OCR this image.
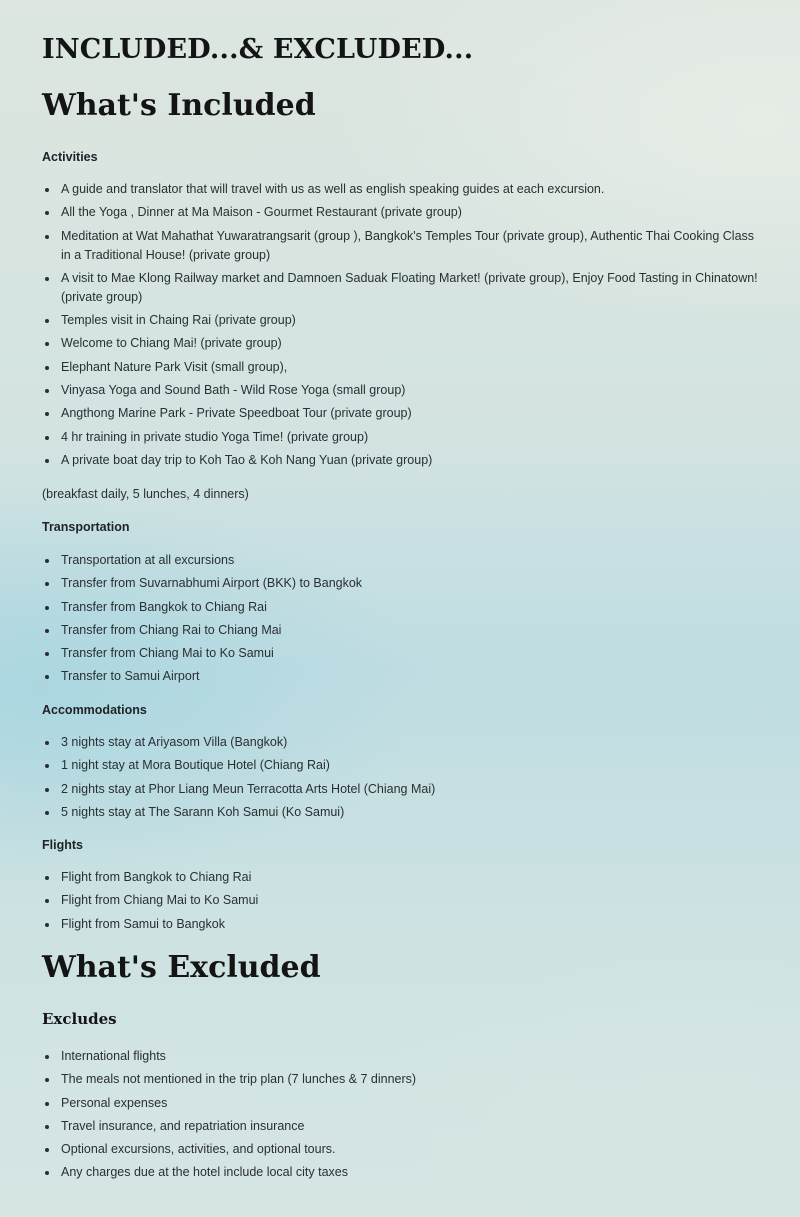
INCLUDED...& EXCLUDED...
What's Included
Activities
A guide and translator that will travel with us as well as english speaking guides at each excursion.
All the Yoga , Dinner at Ma Maison - Gourmet Restaurant (private group)
Meditation at Wat Mahathat Yuwaratrangsarit (group ), Bangkok's Temples Tour (private group), Authentic Thai Cooking Class in a Traditional House! (private group)
A visit to Mae Klong Railway market and Damnoen Saduak Floating Market! (private group), Enjoy Food Tasting in Chinatown! (private group)
Temples visit in Chaing Rai (private group)
Welcome to Chiang Mai! (private group)
Elephant Nature Park Visit (small group),
Vinyasa Yoga and Sound Bath - Wild Rose Yoga (small group)
Angthong Marine Park - Private Speedboat Tour (private group)
4 hr training in private studio Yoga Time! (private group)
A private boat day trip to Koh Tao & Koh Nang Yuan (private group)

(breakfast daily, 5 lunches, 4 dinners)

Transportation
Transportation at all excursions
Transfer from Suvarnabhumi Airport (BKK) to Bangkok
Transfer from Bangkok to Chiang Rai
Transfer from Chiang Rai to Chiang Mai
Transfer from Chiang Mai to Ko Samui
Transfer to Samui Airport
Accommodations
3 nights stay at Ariyasom Villa (Bangkok)
1 night stay at Mora Boutique Hotel (Chiang Rai)
2 nights stay at Phor Liang Meun Terracotta Arts Hotel (Chiang Mai)
5 nights stay at The Sarann Koh Samui (Ko Samui)
Flights
Flight from Bangkok to Chiang Rai
Flight from Chiang Mai to Ko Samui
Flight from Samui to Bangkok
What's Excluded
Excludes
International flights
The meals not mentioned in the trip plan (7 lunches & 7 dinners)
Personal expenses
Travel insurance, and repatriation insurance
Optional excursions, activities, and optional tours.
Any charges due at the hotel include local city taxes
